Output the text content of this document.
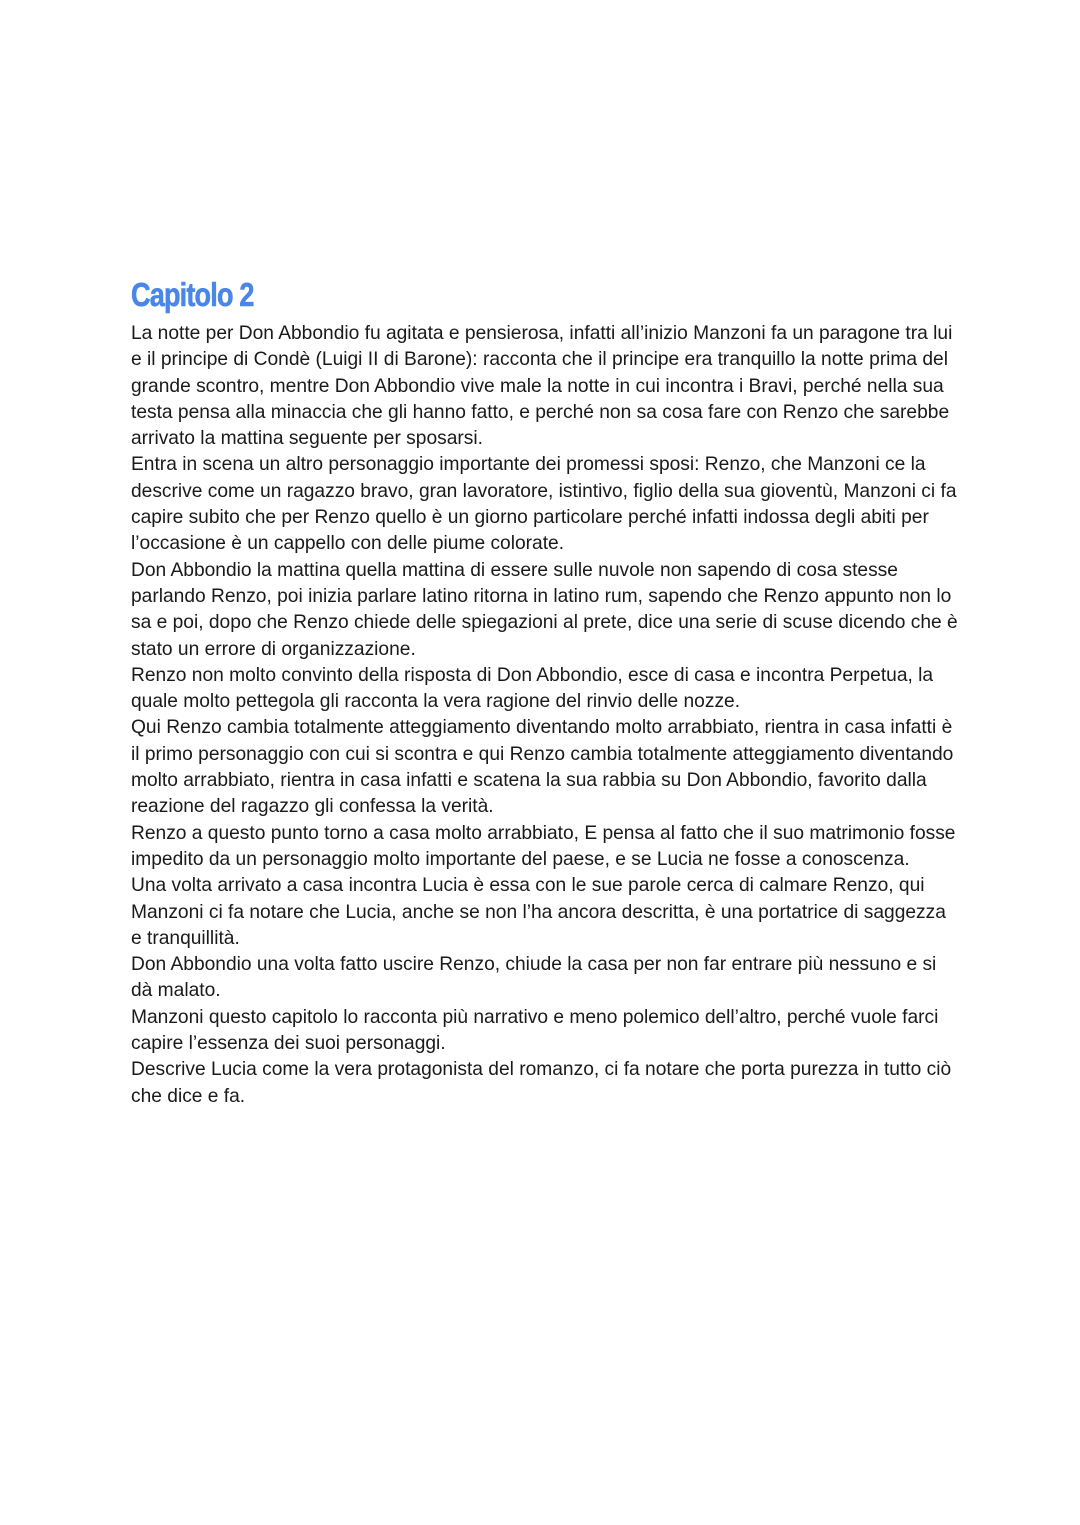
Capitolo 2

La notte per Don Abbondio fu agitata e pensierosa, infatti all’inizio Manzoni fa un paragone tra lui e il principe di Condè (Luigi II di Barone): racconta che il principe era tranquillo la notte prima del grande scontro, mentre Don Abbondio vive male la notte in cui incontra i Bravi, perché nella sua testa pensa alla minaccia che gli hanno fatto, e perché non sa cosa fare con Renzo che sarebbe arrivato la mattina seguente per sposarsi.

Entra in scena un altro personaggio importante dei promessi sposi: Renzo, che Manzoni ce la descrive come un ragazzo bravo, gran lavoratore, istintivo, figlio della sua gioventù, Manzoni ci fa capire subito che per Renzo quello è un giorno particolare perché infatti indossa degli abiti per l’occasione è un cappello con delle piume colorate.

Don Abbondio la mattina quella mattina di essere sulle nuvole non sapendo di cosa stesse parlando Renzo, poi inizia parlare latino ritorna in latino rum, sapendo che Renzo appunto non lo sa e poi, dopo che Renzo chiede delle spiegazioni al prete, dice una serie di scuse dicendo che è stato un errore di organizzazione.

Renzo non molto convinto della risposta di Don Abbondio, esce di casa e incontra Perpetua, la quale molto pettegola gli racconta la vera ragione del rinvio delle nozze.

Qui Renzo cambia totalmente atteggiamento diventando molto arrabbiato, rientra in casa infatti è il primo personaggio con cui si scontra e qui Renzo cambia totalmente atteggiamento diventando molto arrabbiato, rientra in casa infatti e scatena la sua rabbia su Don Abbondio, favorito dalla reazione del ragazzo gli confessa la verità.

Renzo a questo punto torno a casa molto arrabbiato, E pensa al fatto che il suo matrimonio fosse impedito da un personaggio molto importante del paese, e se Lucia ne fosse a conoscenza.

Una volta arrivato a casa incontra Lucia è essa con le sue parole cerca di calmare Renzo, qui Manzoni ci fa notare che Lucia, anche se non l’ha ancora descritta, è una portatrice di saggezza e tranquillità.

Don Abbondio una volta fatto uscire Renzo, chiude la casa per non far entrare più nessuno e si dà malato.

Manzoni questo capitolo lo racconta più narrativo e meno polemico dell’altro, perché vuole farci capire l’essenza dei suoi personaggi.

Descrive Lucia come la vera protagonista del romanzo, ci fa notare che porta purezza in tutto ciò che dice e fa.
